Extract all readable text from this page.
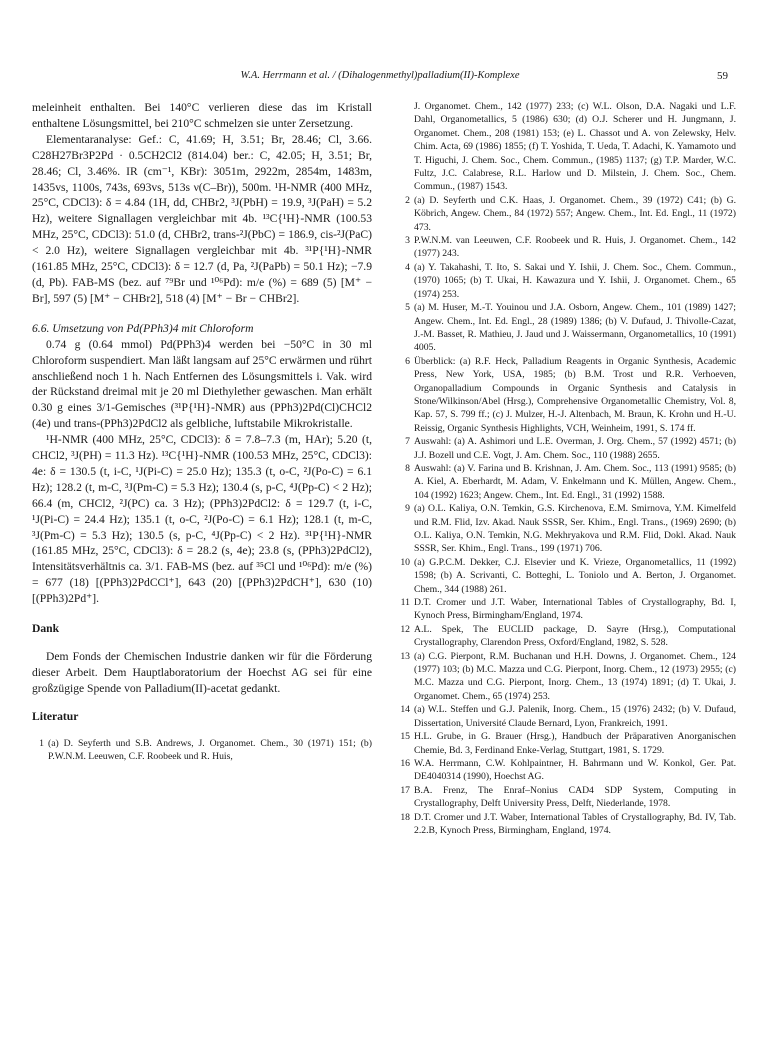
W.A. Herrmann et al. / (Dihalogenmethyl)palladium(II)-Komplexe	59

meleinheit enthalten. Bei 140°C verlieren diese das im Kristall enthaltene Lösungsmittel, bei 210°C schmelzen sie unter Zersetzung.

Elementaranalyse: Gef.: C, 41.69; H, 3.51; Br, 28.46; Cl, 3.66. C28H27Br3P2Pd · 0.5CH2Cl2 (814.04) ber.: C, 42.05; H, 3.51; Br, 28.46; Cl, 3.46%. IR (cm⁻¹, KBr): 3051m, 2922m, 2854m, 1483m, 1435vs, 1100s, 743s, 693vs, 513s ν(C–Br)), 500m. ¹H-NMR (400 MHz, 25°C, CDCl3): δ = 4.84 (1H, dd, CHBr2, ³J(PbH) = 19.9, ³J(PaH) = 5.2 Hz), weitere Signallagen vergleichbar mit 4b. ¹³C{¹H}-NMR (100.53 MHz, 25°C, CDCl3): 51.0 (d, CHBr2, trans-²J(PbC) = 186.9, cis-²J(PaC) < 2.0 Hz), weitere Signallagen vergleichbar mit 4b. ³¹P{¹H}-NMR (161.85 MHz, 25°C, CDCl3): δ = 12.7 (d, Pa, ²J(PaPb) = 50.1 Hz); −7.9 (d, Pb). FAB-MS (bez. auf ⁷⁹Br und ¹⁰⁶Pd): m/e (%) = 689 (5) [M⁺ − Br], 597 (5) [M⁺ − CHBr2], 518 (4) [M⁺ − Br − CHBr2].

6.6. Umsetzung von Pd(PPh3)4 mit Chloroform

0.74 g (0.64 mmol) Pd(PPh3)4 werden bei −50°C in 30 ml Chloroform suspendiert. Man läßt langsam auf 25°C erwärmen und rührt anschließend noch 1 h. Nach Entfernen des Lösungsmittels i. Vak. wird der Rückstand dreimal mit je 20 ml Diethylether gewaschen. Man erhält 0.30 g eines 3/1-Gemisches (³¹P{¹H}-NMR) aus (PPh3)2Pd(Cl)CHCl2 (4e) und trans-(PPh3)2PdCl2 als gelbliche, luftstabile Mikrokristalle.

¹H-NMR (400 MHz, 25°C, CDCl3): δ = 7.8–7.3 (m, HAr); 5.20 (t, CHCl2, ³J(PH) = 11.3 Hz). ¹³C{¹H}-NMR (100.53 MHz, 25°C, CDCl3): 4e: δ = 130.5 (t, i-C, ¹J(Pi-C) = 25.0 Hz); 135.3 (t, o-C, ²J(Po-C) = 6.1 Hz); 128.2 (t, m-C, ³J(Pm-C) = 5.3 Hz); 130.4 (s, p-C, ⁴J(Pp-C) < 2 Hz); 66.4 (m, CHCl2, ²J(PC) ca. 3 Hz); (PPh3)2PdCl2: δ = 129.7 (t, i-C, ¹J(Pi-C) = 24.4 Hz); 135.1 (t, o-C, ²J(Po-C) = 6.1 Hz); 128.1 (t, m-C, ³J(Pm-C) = 5.3 Hz); 130.5 (s, p-C, ⁴J(Pp-C) < 2 Hz). ³¹P{¹H}-NMR (161.85 MHz, 25°C, CDCl3): δ = 28.2 (s, 4e); 23.8 (s, (PPh3)2PdCl2), Intensitätsverhältnis ca. 3/1. FAB-MS (bez. auf ³⁵Cl und ¹⁰⁶Pd): m/e (%) = 677 (18) [(PPh3)2PdCCl⁺], 643 (20) [(PPh3)2PdCH⁺], 630 (10) [(PPh3)2Pd⁺].

Dank

Dem Fonds der Chemischen Industrie danken wir für die Förderung dieser Arbeit. Dem Hauptlaboratorium der Hoechst AG sei für eine großzügige Spende von Palladium(II)-acetat gedankt.

Literatur
1 (a) D. Seyferth und S.B. Andrews, J. Organomet. Chem., 30 (1971) 151; (b) P.W.N.M. Leeuwen, C.F. Roobeek und R. Huis,
J. Organomet. Chem., 142 (1977) 233; (c) W.L. Olson, D.A. Nagaki und L.F. Dahl, Organometallics, 5 (1986) 630; (d) O.J. Scherer und H. Jungmann, J. Organomet. Chem., 208 (1981) 153; (e) L. Chassot und A. von Zelewsky, Helv. Chim. Acta, 69 (1986) 1855; (f) T. Yoshida, T. Ueda, T. Adachi, K. Yamamoto und T. Higuchi, J. Chem. Soc., Chem. Commun., (1985) 1137; (g) T.P. Marder, W.C. Fultz, J.C. Calabrese, R.L. Harlow und D. Milstein, J. Chem. Soc., Chem. Commun., (1987) 1543.
2 (a) D. Seyferth und C.K. Haas, J. Organomet. Chem., 39 (1972) C41; (b) G. Köbrich, Angew. Chem., 84 (1972) 557; Angew. Chem., Int. Ed. Engl., 11 (1972) 473.
3 P.W.N.M. van Leeuwen, C.F. Roobeek und R. Huis, J. Organomet. Chem., 142 (1977) 243.
4 (a) Y. Takahashi, T. Ito, S. Sakai und Y. Ishii, J. Chem. Soc., Chem. Commun., (1970) 1065; (b) T. Ukai, H. Kawazura und Y. Ishii, J. Organomet. Chem., 65 (1974) 253.
5 (a) M. Huser, M.-T. Youinou und J.A. Osborn, Angew. Chem., 101 (1989) 1427; Angew. Chem., Int. Ed. Engl., 28 (1989) 1386; (b) V. Dufaud, J. Thivolle-Cazat, J.-M. Basset, R. Mathieu, J. Jaud und J. Waissermann, Organometallics, 10 (1991) 4005.
6 Überblick: (a) R.F. Heck, Palladium Reagents in Organic Synthesis, Academic Press, New York, USA, 1985; (b) B.M. Trost und R.R. Verhoeven, Organopalladium Compounds in Organic Synthesis and Catalysis in Stone/Wilkinson/Abel (Hrsg.), Comprehensive Organometallic Chemistry, Vol. 8, Kap. 57, S. 799 ff.; (c) J. Mulzer, H.-J. Altenbach, M. Braun, K. Krohn und H.-U. Reissig, Organic Synthesis Highlights, VCH, Weinheim, 1991, S. 174 ff.
7 Auswahl: (a) A. Ashimori und L.E. Overman, J. Org. Chem., 57 (1992) 4571; (b) J.J. Bozell und C.E. Vogt, J. Am. Chem. Soc., 110 (1988) 2655.
8 Auswahl: (a) V. Farina und B. Krishnan, J. Am. Chem. Soc., 113 (1991) 9585; (b) A. Kiel, A. Eberhardt, M. Adam, V. Enkelmann und K. Müllen, Angew. Chem., 104 (1992) 1623; Angew. Chem., Int. Ed. Engl., 31 (1992) 1588.
9 (a) O.L. Kaliya, O.N. Temkin, G.S. Kirchenova, E.M. Smirnova, Y.M. Kimelfeld und R.M. Flid, Izv. Akad. Nauk SSSR, Ser. Khim., Engl. Trans., (1969) 2690; (b) O.L. Kaliya, O.N. Temkin, N.G. Mekhryakova und R.M. Flid, Dokl. Akad. Nauk SSSR, Ser. Khim., Engl. Trans., 199 (1971) 706.
10 (a) G.P.C.M. Dekker, C.J. Elsevier und K. Vrieze, Organometallics, 11 (1992) 1598; (b) A. Scrivanti, C. Botteghi, L. Toniolo und A. Berton, J. Organomet. Chem., 344 (1988) 261.
11 D.T. Cromer und J.T. Waber, International Tables of Crystallography, Bd. I, Kynoch Press, Birmingham/England, 1974.
12 A.L. Spek, The EUCLID package, D. Sayre (Hrsg.), Computational Crystallography, Clarendon Press, Oxford/England, 1982, S. 528.
13 (a) C.G. Pierpont, R.M. Buchanan und H.H. Downs, J. Organomet. Chem., 124 (1977) 103; (b) M.C. Mazza und C.G. Pierpont, Inorg. Chem., 12 (1973) 2955; (c) M.C. Mazza und C.G. Pierpont, Inorg. Chem., 13 (1974) 1891; (d) T. Ukai, J. Organomet. Chem., 65 (1974) 253.
14 (a) W.L. Steffen und G.J. Palenik, Inorg. Chem., 15 (1976) 2432; (b) V. Dufaud, Dissertation, Université Claude Bernard, Lyon, Frankreich, 1991.
15 H.L. Grube, in G. Brauer (Hrsg.), Handbuch der Präparativen Anorganischen Chemie, Bd. 3, Ferdinand Enke-Verlag, Stuttgart, 1981, S. 1729.
16 W.A. Herrmann, C.W. Kohlpaintner, H. Bahrmann und W. Konkol, Ger. Pat. DE4040314 (1990), Hoechst AG.
17 B.A. Frenz, The Enraf–Nonius CAD4 SDP System, Computing in Crystallography, Delft University Press, Delft, Niederlande, 1978.
18 D.T. Cromer und J.T. Waber, International Tables of Crystallography, Bd. IV, Tab. 2.2.B, Kynoch Press, Birmingham, England, 1974.
